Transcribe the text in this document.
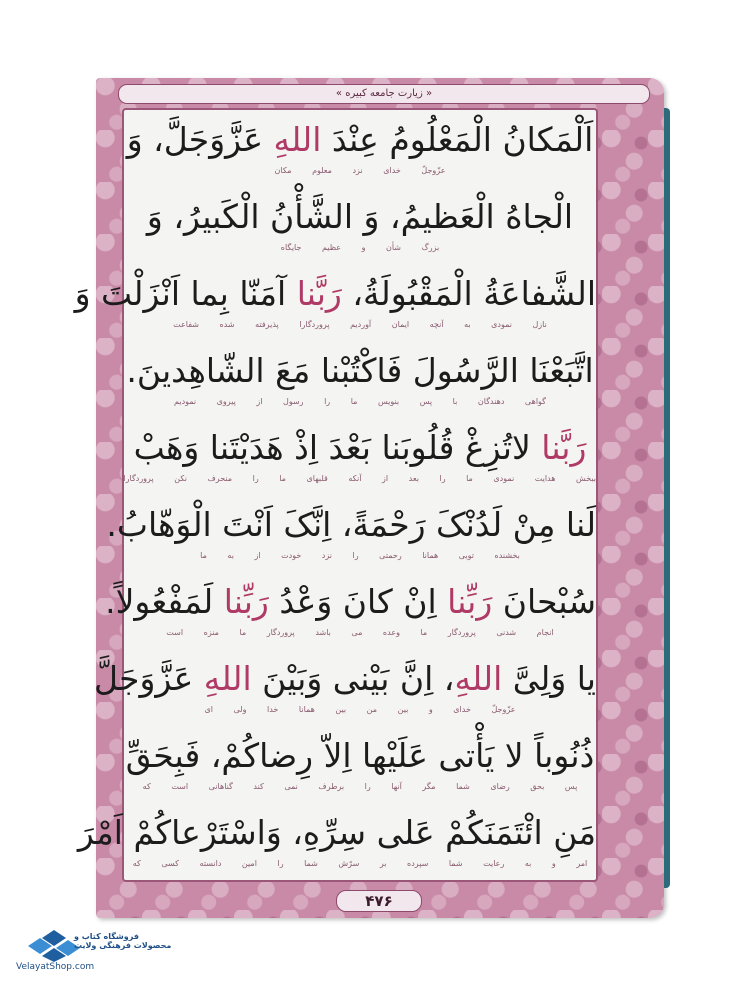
« زیارت جامعه کبیره »
اَلْمَکانُ الْمَعْلُومُ عِنْدَ اللهِ عَزَّوَجَلَّ، وَ
عزّوجلّ خدای نزد معلوم مکان
الْجاهُ الْعَظیمُ، وَ الشَّأْنُ الْکَبیرُ، وَ
بزرگ شأن و عظیم جایگاه
الشَّفاعَةُ الْمَقْبُولَةُ، رَبَّنا آمَنّا بِما اَنْزَلْتَ وَ
نازل نمودی به آنچه ایمان آوردیم پروردگارا پذیرفته شده شفاعت
اتَّبَعْنَا الرَّسُولَ فَاکْتُبْنا مَعَ الشّاهِدینَ.
گواهی دهندگان با پس بنویس ما را رسول از پیروی نمودیم
رَبَّنا لاتُزِغْ قُلُوبَنا بَعْدَ اِذْ هَدَیْتَنا وَهَبْ
ببخش هدایت نمودی ما را بعد از آنکه قلبهای ما را منحرف نکن پروردگارا
لَنا مِنْ لَدُنْکَ رَحْمَةً، اِنَّکَ اَنْتَ الْوَهّابُ.
بخشنده تویی همانا رحمتی را نزد خودت از به ما
سُبْحانَ رَبِّنا اِنْ کانَ وَعْدُ رَبِّنا لَمَفْعُولاً.
انجام شدنی پروردگار ما وعده می باشد پروردگار ما منزه است
یا وَلِیَّ اللهِ، اِنَّ بَیْنی وَبَیْنَ اللهِ عَزَّوَجَلَّ
عزّوجلّ خدای و بین من بین همانا خدا ولی ای
ذُنُوباً لا یَأْتی عَلَیْها اِلاّ رِضاکُمْ، فَبِحَقِّ
پس بحق رضای شما مگر آنها را برطرف نمی کند گناهانی است که
مَنِ ائْتَمَنَکُمْ عَلی سِرِّهِ، وَاسْتَرْعاکُمْ اَمْرَ
امر و به رعایت شما سپرده بر سرّش شما را امین دانسته کسی که
۴۷۶
فروشگاه کتاب و محصولات فرهنگی ولایت
VelayatShop.com
